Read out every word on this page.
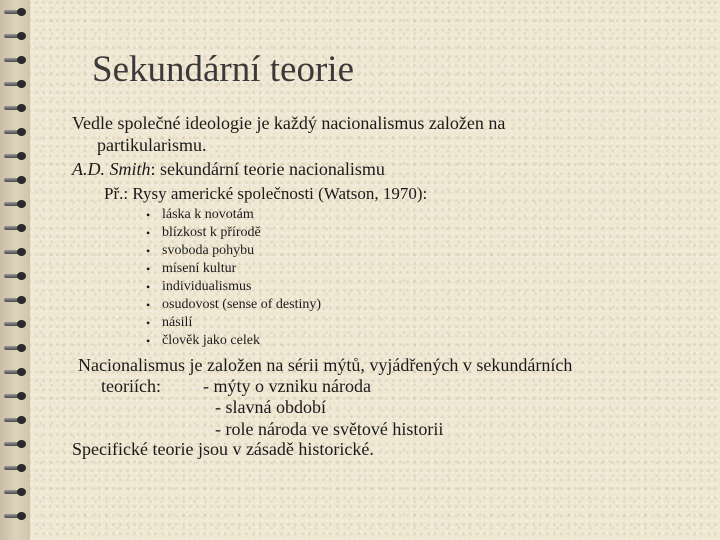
Sekundární teorie
Vedle společné ideologie je každý nacionalismus založen na
partikularismu.
A.D. Smith: sekundární teorie nacionalismu
Př.: Rysy americké společnosti (Watson, 1970):
• láska k novotám
• blízkost k přírodě
• svoboda pohybu
• mísení kultur
• individualismus
• osudovost (sense of destiny)
• násilí
• člověk jako celek
Nacionalismus je založen na sérii mýtů, vyjádřených v sekundárních
teoriích: - mýty o vzniku národa
- slavná období
- role národa ve světové historii
Specifické teorie jsou v zásadě historické.
